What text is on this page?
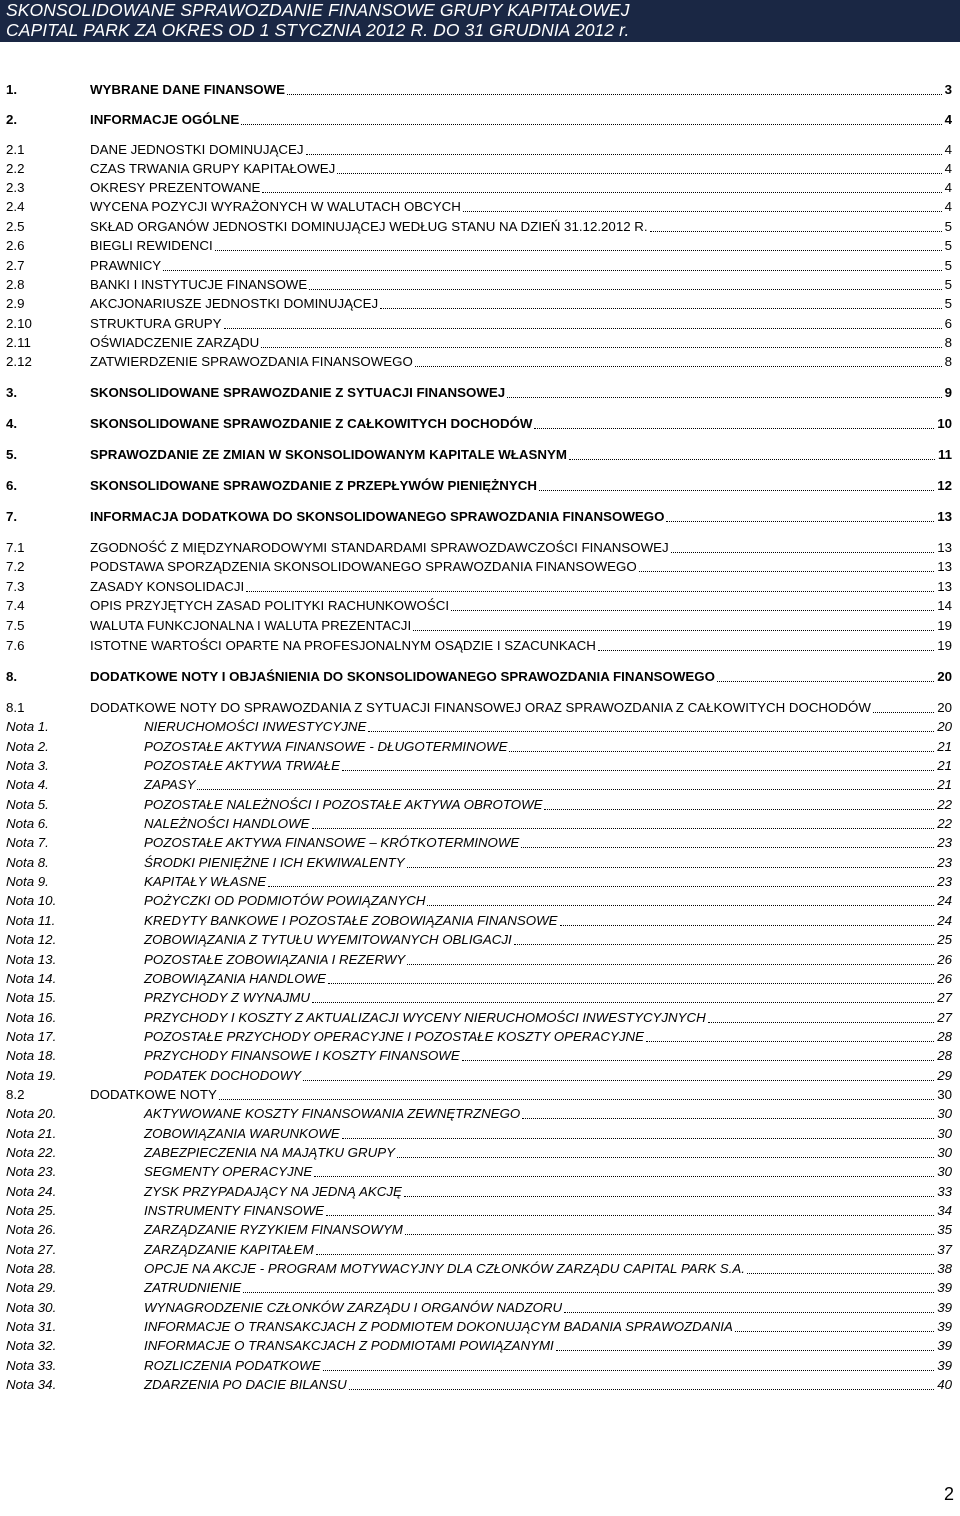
SKONSOLIDOWANE SPRAWOZDANIE FINANSOWE GRUPY KAPITAŁOWEJ
CAPITAL PARK ZA OKRES OD 1 STYCZNIA 2012 R. DO 31 GRUDNIA 2012 r.
1.	WYBRANE DANE FINANSOWE	3
2.	INFORMACJE OGÓLNE	4
2.1	DANE JEDNOSTKI DOMINUJĄCEJ	4
2.2	CZAS TRWANIA GRUPY KAPITAŁOWEJ	4
2.3	OKRESY PREZENTOWANE	4
2.4	WYCENA POZYCJI WYRAŻONYCH W WALUTACH OBCYCH	4
2.5	SKŁAD ORGANÓW JEDNOSTKI DOMINUJĄCEJ WEDŁUG STANU NA DZIEŃ 31.12.2012 R.	5
2.6	BIEGLI REWIDENCI	5
2.7	PRAWNICY	5
2.8	BANKI I INSTYTUCJE FINANSOWE	5
2.9	AKCJONARIUSZE JEDNOSTKI DOMINUJĄCEJ	5
2.10	STRUKTURA GRUPY	6
2.11	OŚWIADCZENIE ZARZĄDU	8
2.12	ZATWIERDZENIE SPRAWOZDANIA FINANSOWEGO	8
3.	SKONSOLIDOWANE SPRAWOZDANIE Z SYTUACJI FINANSOWEJ	9
4.	SKONSOLIDOWANE SPRAWOZDANIE Z CAŁKOWITYCH DOCHODÓW	10
5.	SPRAWOZDANIE ZE ZMIAN W SKONSOLIDOWANYM KAPITALE WŁASNYM	11
6.	SKONSOLIDOWANE SPRAWOZDANIE Z PRZEPŁYWÓW PIENIĘŻNYCH	12
7.	INFORMACJA DODATKOWA DO SKONSOLIDOWANEGO SPRAWOZDANIA FINANSOWEGO	13
7.1	ZGODNOŚĆ Z MIĘDZYNARODOWYMI STANDARDAMI SPRAWOZDAWCZOŚCI FINANSOWEJ	13
7.2	PODSTAWA SPORZĄDZENIA SKONSOLIDOWANEGO SPRAWOZDANIA FINANSOWEGO	13
7.3	ZASADY KONSOLIDACJI	13
7.4	OPIS PRZYJĘTYCH ZASAD POLITYKI RACHUNKOWOŚCI	14
7.5	WALUTA FUNKCJONALNA I WALUTA PREZENTACJI	19
7.6	ISTOTNE WARTOŚCI OPARTE NA PROFESJONALNYM OSĄDZIE I SZACUNKACH	19
8.	DODATKOWE NOTY I OBJAŚNIENIA DO SKONSOLIDOWANEGO SPRAWOZDANIA FINANSOWEGO	20
8.1	DODATKOWE NOTY DO SPRAWOZDANIA Z SYTUACJI FINANSOWEJ ORAZ SPRAWOZDANIA Z CAŁKOWITYCH DOCHODÓW	20
Nota 1.	NIERUCHOMOŚCI INWESTYCYJNE	20
Nota 2.	POZOSTAŁE AKTYWA FINANSOWE - DŁUGOTERMINOWE	21
Nota 3.	POZOSTAŁE AKTYWA TRWAŁE	21
Nota 4.	ZAPASY	21
Nota 5.	POZOSTAŁE NALEŻNOŚCI I POZOSTAŁE AKTYWA OBROTOWE	22
Nota 6.	NALEŻNOŚCI HANDLOWE	22
Nota 7.	POZOSTAŁE AKTYWA FINANSOWE – KRÓTKOTERMINOWE	23
Nota 8.	ŚRODKI PIENIĘŻNE I ICH EKWIWALENTY	23
Nota 9.	KAPITAŁY WŁASNE	23
Nota 10.	POŻYCZKI OD PODMIOTÓW POWIĄZANYCH	24
Nota 11.	KREDYTY BANKOWE I POZOSTAŁE ZOBOWIĄZANIA FINANSOWE	24
Nota 12.	ZOBOWIĄZANIA Z TYTUŁU WYEMITOWANYCH OBLIGACJI	25
Nota 13.	POZOSTAŁE ZOBOWIĄZANIA I REZERWY	26
Nota 14.	ZOBOWIĄZANIA HANDLOWE	26
Nota 15.	PRZYCHODY Z WYNAJMU	27
Nota 16.	PRZYCHODY I KOSZTY Z AKTUALIZACJI WYCENY NIERUCHOMOŚCI INWESTYCYJNYCH	27
Nota 17.	POZOSTAŁE PRZYCHODY OPERACYJNE I POZOSTAŁE KOSZTY OPERACYJNE	28
Nota 18.	PRZYCHODY FINANSOWE I KOSZTY FINANSOWE	28
Nota 19.	PODATEK DOCHODOWY	29
8.2	DODATKOWE NOTY	30
Nota 20.	AKTYWOWANE KOSZTY FINANSOWANIA ZEWNĘTRZNEGO	30
Nota 21.	ZOBOWIĄZANIA WARUNKOWE	30
Nota 22.	ZABEZPIECZENIA NA MAJĄTKU GRUPY	30
Nota 23.	SEGMENTY OPERACYJNE	30
Nota 24.	ZYSK PRZYPADAJĄCY NA JEDNĄ AKCJĘ	33
Nota 25.	INSTRUMENTY FINANSOWE	34
Nota 26.	ZARZĄDZANIE RYZYKIEM FINANSOWYM	35
Nota 27.	ZARZĄDZANIE KAPITAŁEM	37
Nota 28.	OPCJE NA AKCJE - PROGRAM MOTYWACYJNY DLA CZŁONKÓW ZARZĄDU CAPITAL PARK S.A.	38
Nota 29.	ZATRUDNIENIE	39
Nota 30.	WYNAGRODZENIE CZŁONKÓW ZARZĄDU I ORGANÓW NADZORU	39
Nota 31.	INFORMACJE O TRANSAKCJACH Z PODMIOTEM DOKONUJĄCYM BADANIA SPRAWOZDANIA	39
Nota 32.	INFORMACJE O TRANSAKCJACH Z PODMIOTAMI POWIĄZANYMI	39
Nota 33.	ROZLICZENIA PODATKOWE	39
Nota 34.	ZDARZENIA PO DACIE BILANSU	40
2
